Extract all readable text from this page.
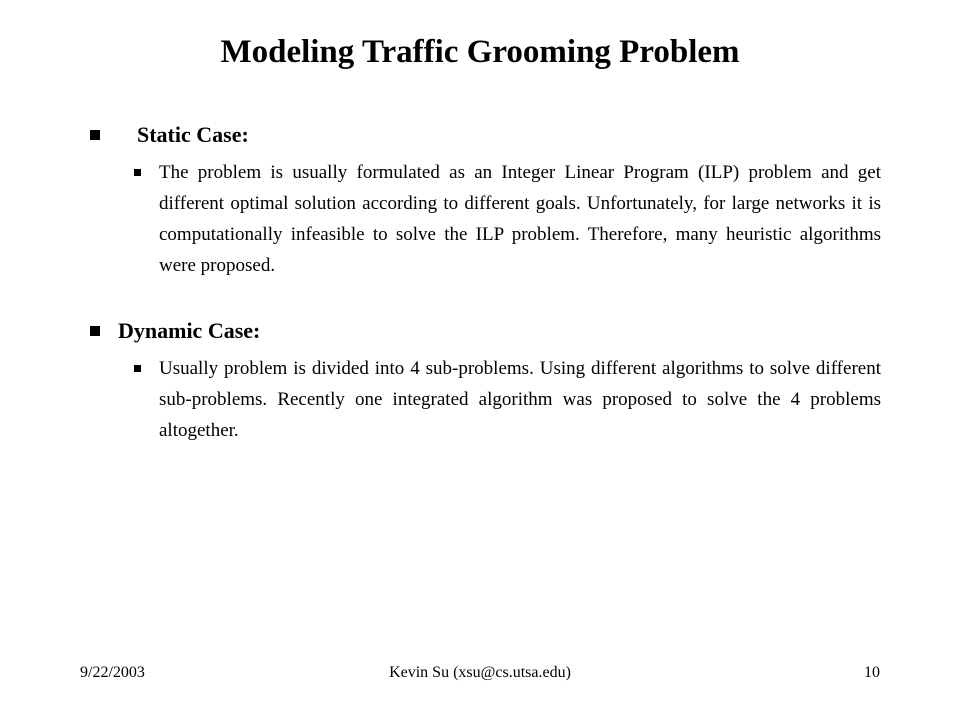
Modeling Traffic Grooming Problem
Static Case:

The problem is usually formulated as an Integer Linear Program (ILP) problem and get different optimal solution according to different goals. Unfortunately, for large networks it is computationally infeasible to solve the ILP problem. Therefore, many heuristic algorithms were proposed.

Dynamic Case:

Usually problem is divided into 4 sub-problems. Using different algorithms to solve different sub-problems. Recently one integrated algorithm was proposed to solve the 4 problems altogether.

9/22/2003	Kevin Su (xsu@cs.utsa.edu)	10
